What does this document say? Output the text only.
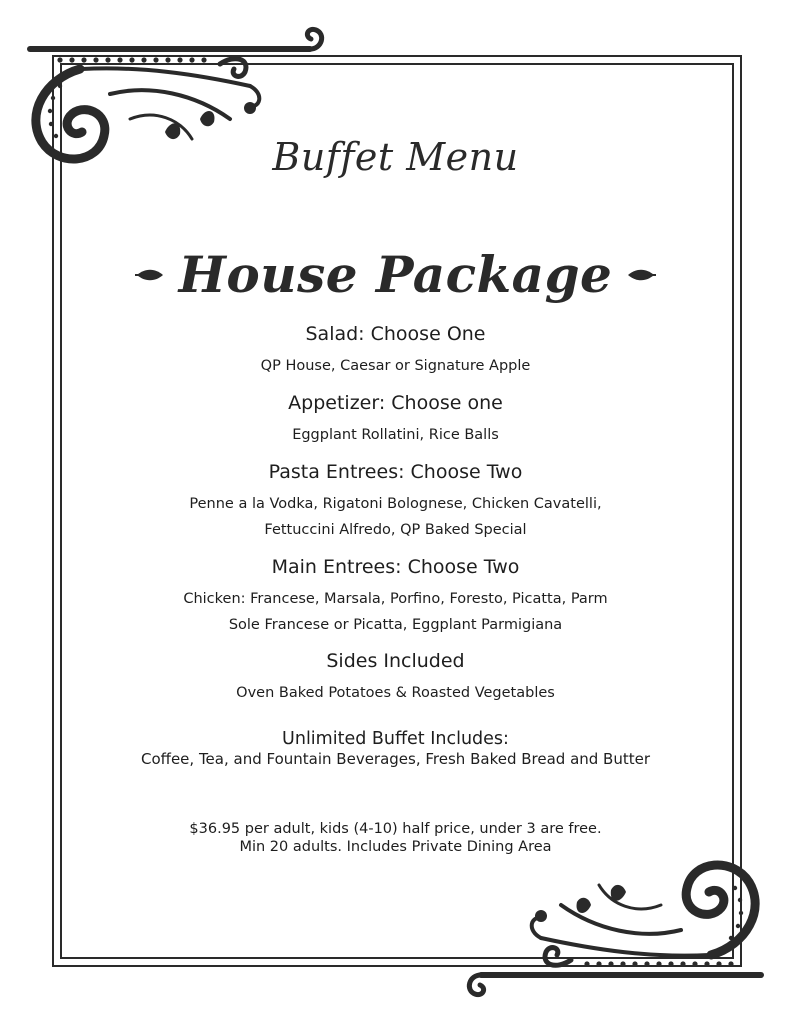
Buffet Menu
House Package
Salad: Choose One

QP House, Caesar or Signature Apple

Appetizer: Choose one

Eggplant Rollatini, Rice Balls

Pasta Entrees: Choose Two

Penne a la Vodka, Rigatoni Bolognese, Chicken Cavatelli,

Fettuccini Alfredo, QP Baked Special

Main Entrees: Choose Two

Chicken: Francese, Marsala, Porfino, Foresto, Picatta, Parm

Sole Francese or Picatta, Eggplant Parmigiana

Sides Included

Oven Baked Potatoes & Roasted Vegetables

Unlimited Buffet Includes:

Coffee, Tea, and Fountain Beverages, Fresh Baked Bread and Butter

$36.95 per adult, kids (4-10) half price, under 3 are free.

Min 20 adults. Includes Private Dining Area
